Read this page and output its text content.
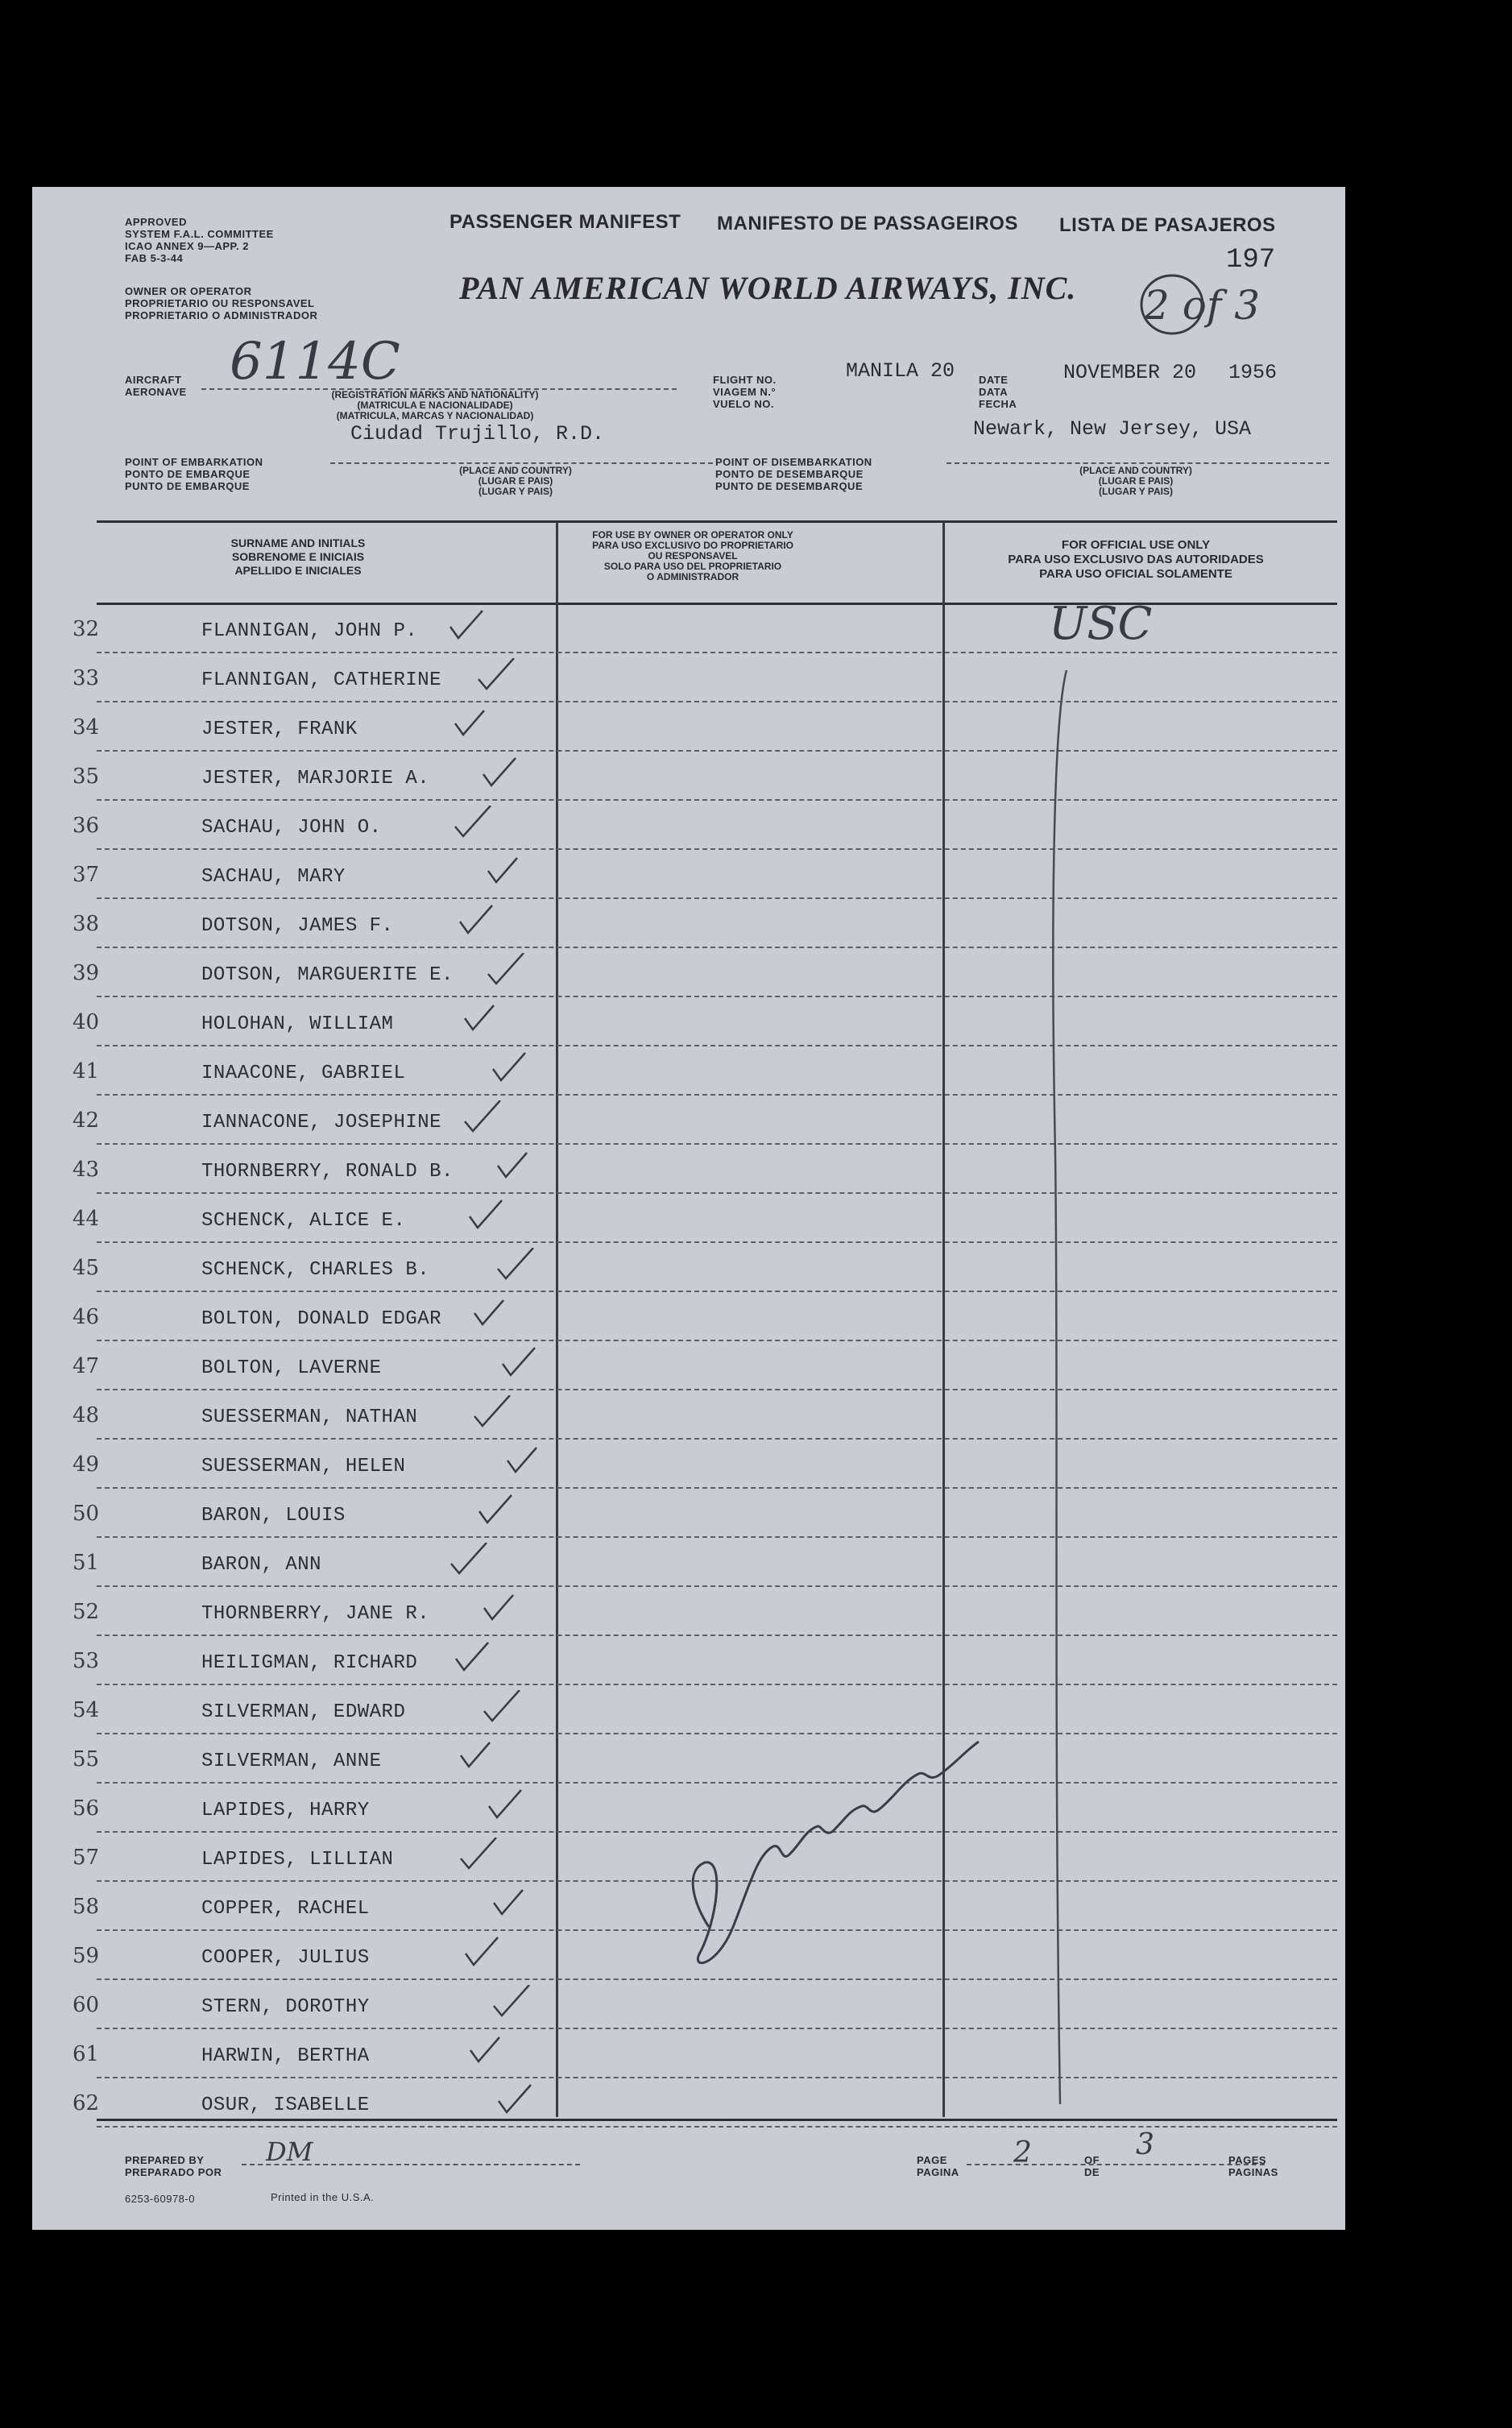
APPROVED
SYSTEM F.A.L. COMMITTEE
ICAO ANNEX 9—APP. 2
FAB 5-3-44
OWNER OR OPERATOR
PROPRIETARIO OU RESPONSAVEL
PROPRIETARIO O ADMINISTRADOR
PASSENGER MANIFEST MANIFESTO DE PASSAGEIROS LISTA DE PASAJEROS
197
PAN AMERICAN WORLD AIRWAYS, INC. 2 of 3
AIRCRAFT
AERONAVE
6114C
(REGISTRATION MARKS AND NATIONALITY)
(MATRICULA E NACIONALIDADE)
(MATRICULA, MARCAS Y NACIONALIDAD)
FLIGHT NO.
VIAGEM N.°
VUELO NO.
MANILA 20 DATE
DATA
FECHA
NOVEMBER 20 1956
Ciudad Trujillo, R.D.	Newark, New Jersey, USA
POINT OF EMBARKATION
PONTO DE EMBARQUE
PUNTO DE EMBARQUE
(PLACE AND COUNTRY)
(LUGAR E PAIS)
(LUGAR Y PAIS)
POINT OF DISEMBARKATION
PONTO DE DESEMBARQUE
PUNTO DE DESEMBARQUE
(PLACE AND COUNTRY)
(LUGAR E PAIS)
(LUGAR Y PAIS)
SURNAME AND INITIALS
SOBRENOME E INICIAIS
APELLIDO E INICIALES
FOR USE BY OWNER OR OPERATOR ONLY
PARA USO EXCLUSIVO DO PROPRIETARIO
OU RESPONSAVEL
SOLO PARA USO DEL PROPRIETARIO
O ADMINISTRADOR
FOR OFFICIAL USE ONLY
PARA USO EXCLUSIVO DAS AUTORIDADES
PARA USO OFICIAL SOLAMENTE
32	FLANNIGAN, JOHN P.
33	FLANNIGAN, CATHERINE
34	JESTER, FRANK
35	JESTER, MARJORIE A.
36	SACHAU, JOHN O.
37	SACHAU, MARY
38	DOTSON, JAMES F.
39	DOTSON, MARGUERITE E.
40	HOLOHAN, WILLIAM
41	INAACONE, GABRIEL
42	IANNACONE, JOSEPHINE
43	THORNBERRY, RONALD B.
44	SCHENCK, ALICE E.
45	SCHENCK, CHARLES B.
46	BOLTON, DONALD EDGAR
47	BOLTON, LAVERNE
48	SUESSERMAN, NATHAN
49	SUESSERMAN, HELEN
50	BARON, LOUIS
51	BARON, ANN
52	THORNBERRY, JANE R.
53	HEILIGMAN, RICHARD
54	SILVERMAN, EDWARD
55	SILVERMAN, ANNE
56	LAPIDES, HARRY
57	LAPIDES, LILLIAN
58	COPPER, RACHEL
59	COOPER, JULIUS
60	STERN, DOROTHY
61	HARWIN, BERTHA
62	OSUR, ISABELLE
USC
PREPARED BY
PREPARADO POR
DM
6253-60978-0	Printed in the U.S.A.
PAGE
PAGINA
2	OF
DE
3	PAGES
PAGINAS
